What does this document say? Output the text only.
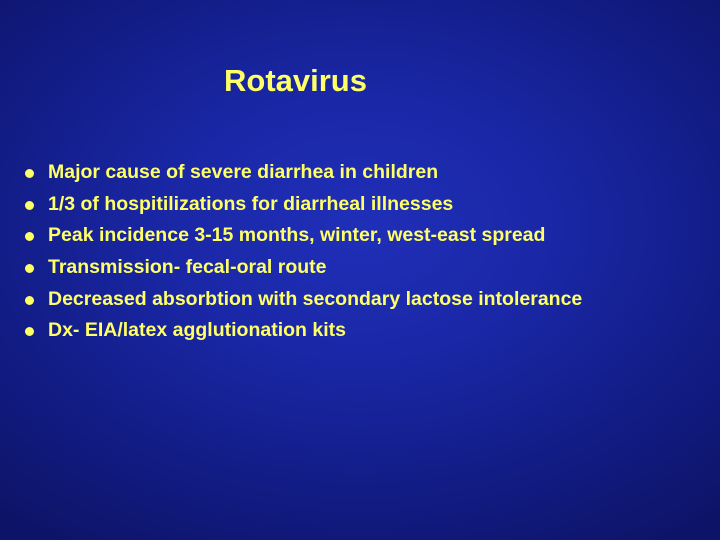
Rotavirus
Major cause of severe diarrhea in children
1/3 of hospitilizations for diarrheal illnesses
Peak incidence 3-15 months, winter, west-east spread
Transmission- fecal-oral route
Decreased absorbtion with secondary lactose intolerance
Dx- EIA/latex agglutionation kits
